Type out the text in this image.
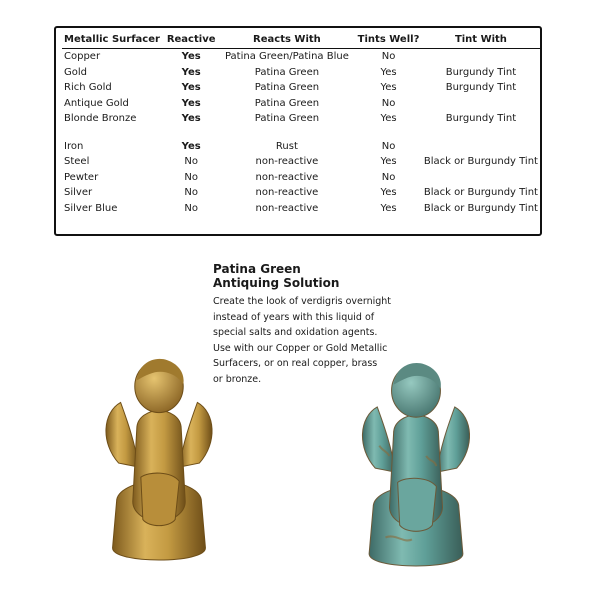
Metallic Surfacer	Reactive	Reacts With	Tints Well?	Tint With
Copper	Yes	Patina Green/Patina Blue	No	
Gold	Yes	Patina Green	Yes	Burgundy Tint
Rich Gold	Yes	Patina Green	Yes	Burgundy Tint
Antique Gold	Yes	Patina Green	No	
Blonde Bronze	Yes	Patina Green	Yes	Burgundy Tint

Iron	Yes	Rust	No	
Steel	No	non-reactive	Yes	Black or Burgundy Tint
Pewter	No	non-reactive	No	
Silver	No	non-reactive	Yes	Black or Burgundy Tint
Silver Blue	No	non-reactive	Yes	Black or Burgundy Tint

Patina Green
Antiquing Solution

Create the look of verdigris overnight
instead of years with this liquid of
special salts and oxidation agents.
Use with our Copper or Gold Metallic
Surfacers, or on real copper, brass
or bronze.
